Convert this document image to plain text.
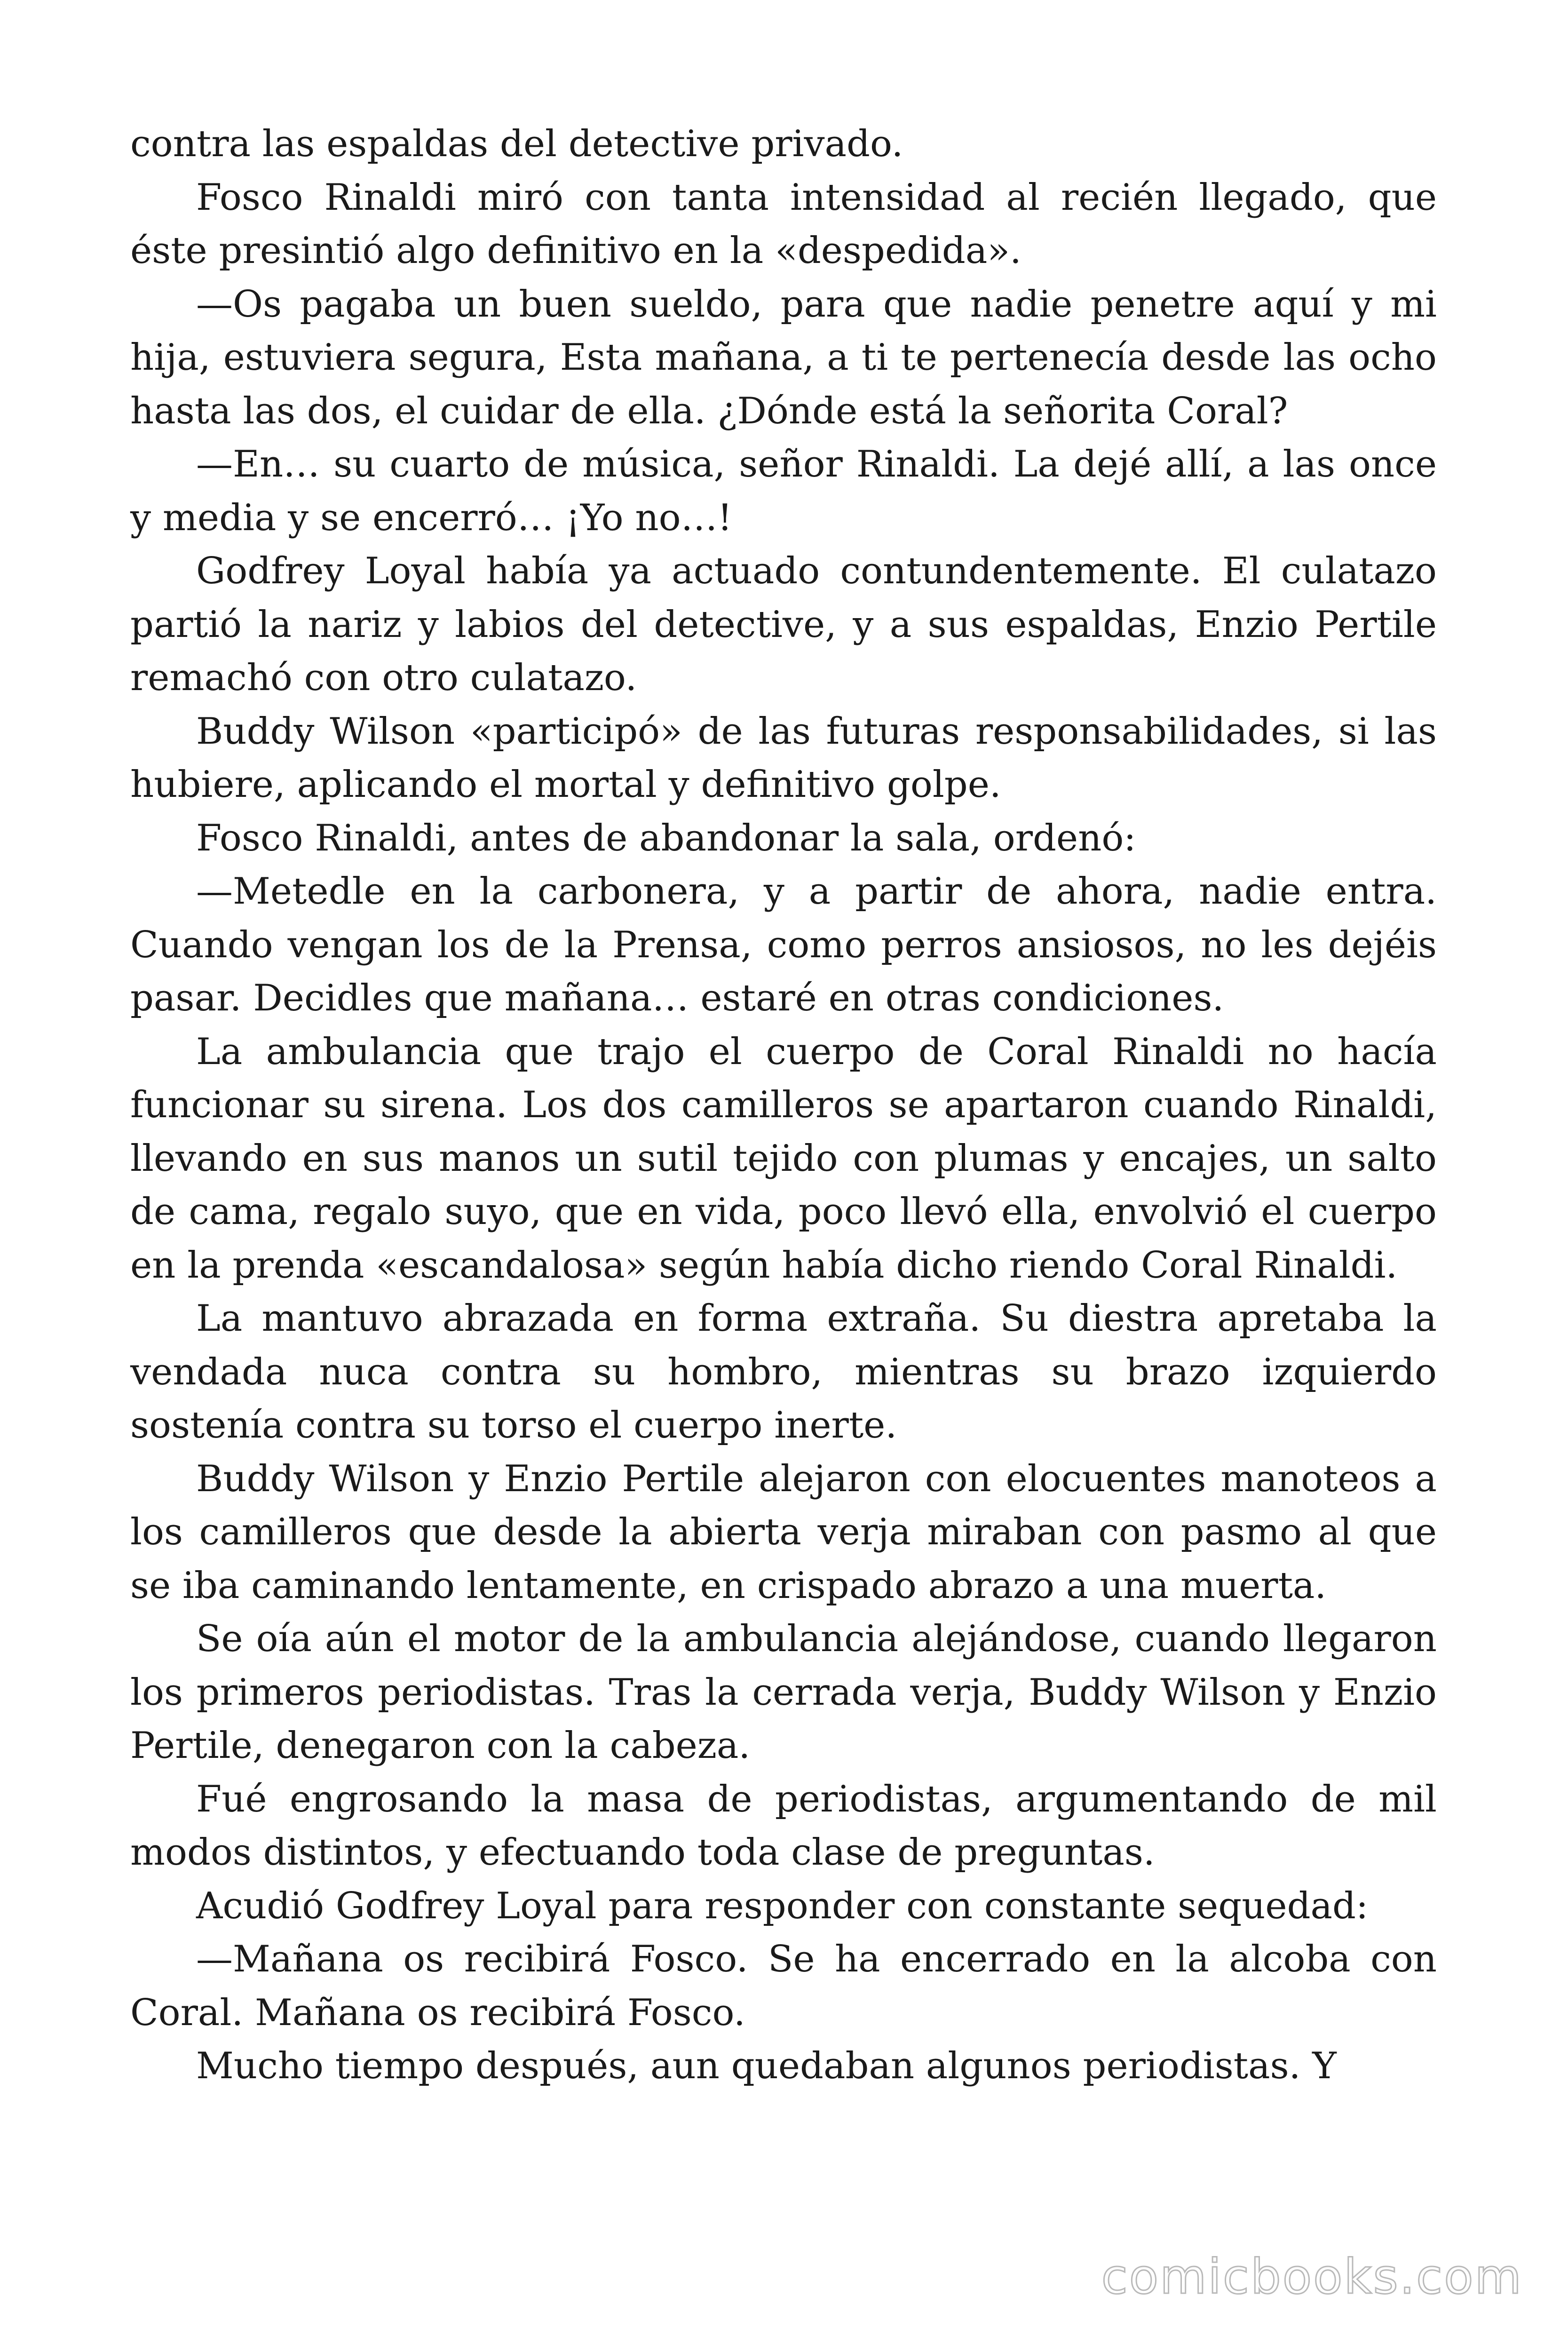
contra las espaldas del detective privado.

Fosco Rinaldi miró con tanta intensidad al recién llegado, que éste presintió algo definitivo en la «despedida».

—Os pagaba un buen sueldo, para que nadie penetre aquí y mi hija, estuviera segura, Esta mañana, a ti te pertenecía desde las ocho hasta las dos, el cuidar de ella. ¿Dónde está la señorita Coral?

—En… su cuarto de música, señor Rinaldi. La dejé allí, a las once y media y se encerró… ¡Yo no…!

Godfrey Loyal había ya actuado contundentemente. El culatazo partió la nariz y labios del detective, y a sus espaldas, Enzio Pertile remachó con otro culatazo.

Buddy Wilson «participó» de las futuras responsabilidades, si las hubiere, aplicando el mortal y definitivo golpe.

Fosco Rinaldi, antes de abandonar la sala, ordenó:

—Metedle en la carbonera, y a partir de ahora, nadie entra. Cuando vengan los de la Prensa, como perros ansiosos, no les dejéis pasar. Decidles que mañana… estaré en otras condiciones.

La ambulancia que trajo el cuerpo de Coral Rinaldi no hacía funcionar su sirena. Los dos camilleros se apartaron cuando Rinaldi, llevando en sus manos un sutil tejido con plumas y encajes, un salto de cama, regalo suyo, que en vida, poco llevó ella, envolvió el cuerpo en la prenda «escandalosa» según había dicho riendo Coral Rinaldi.

La mantuvo abrazada en forma extraña. Su diestra apretaba la vendada nuca contra su hombro, mientras su brazo izquierdo sostenía contra su torso el cuerpo inerte.

Buddy Wilson y Enzio Pertile alejaron con elocuentes manoteos a los camilleros que desde la abierta verja miraban con pasmo al que se iba caminando lentamente, en crispado abrazo a una muerta.

Se oía aún el motor de la ambulancia alejándose, cuando llegaron los primeros periodistas. Tras la cerrada verja, Buddy Wilson y Enzio Pertile, denegaron con la cabeza.

Fué engrosando la masa de periodistas, argumentando de mil modos distintos, y efectuando toda clase de preguntas.

Acudió Godfrey Loyal para responder con constante sequedad:

—Mañana os recibirá Fosco. Se ha encerrado en la alcoba con Coral. Mañana os recibirá Fosco.

Mucho tiempo después, aun quedaban algunos periodistas. Y

comicbooks.com
